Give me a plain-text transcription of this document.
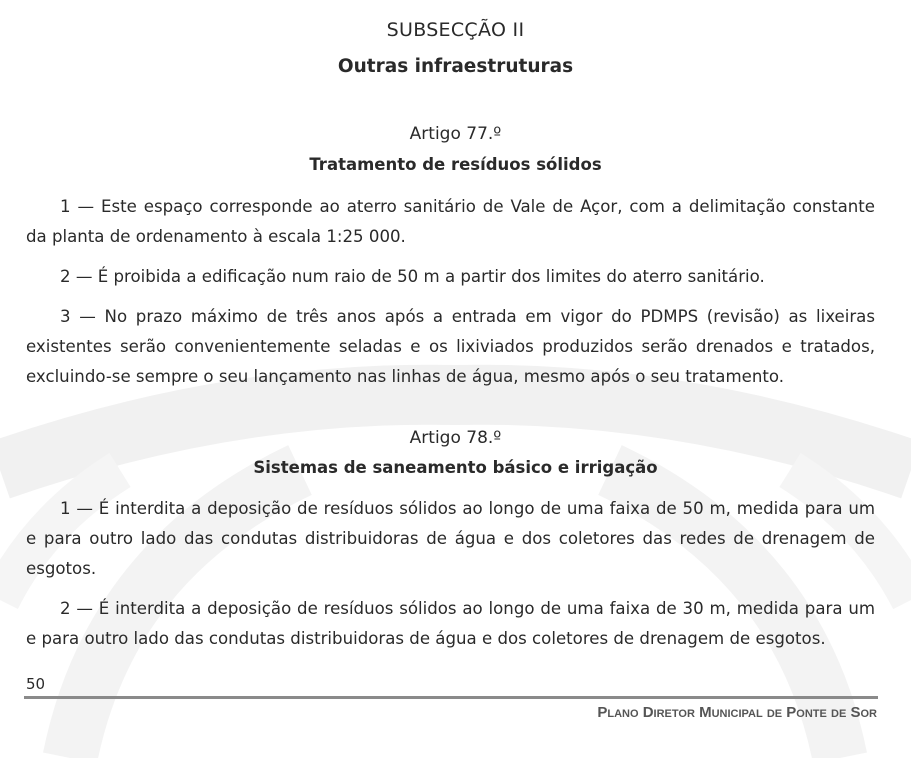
SUBSECÇÃO II
Outras infraestruturas
Artigo 77.º
Tratamento de resíduos sólidos
1 — Este espaço corresponde ao aterro sanitário de Vale de Açor, com a delimitação constante da planta de ordenamento à escala 1:25 000.
2 — É proibida a edificação num raio de 50 m a partir dos limites do aterro sanitário.
3 — No prazo máximo de três anos após a entrada em vigor do PDMPS (revisão) as lixeiras existentes serão convenientemente seladas e os lixiviados produzidos serão drenados e tratados, excluindo-se sempre o seu lançamento nas linhas de água, mesmo após o seu tratamento.
Artigo 78.º
Sistemas de saneamento básico e irrigação
1 — É interdita a deposição de resíduos sólidos ao longo de uma faixa de 50 m, medida para um e para outro lado das condutas distribuidoras de água e dos coletores das redes de drenagem de esgotos.
2 — É interdita a deposição de resíduos sólidos ao longo de uma faixa de 30 m, medida para um e para outro lado das condutas distribuidoras de água e dos coletores de drenagem de esgotos.
50
Plano Diretor Municipal de Ponte de Sor
